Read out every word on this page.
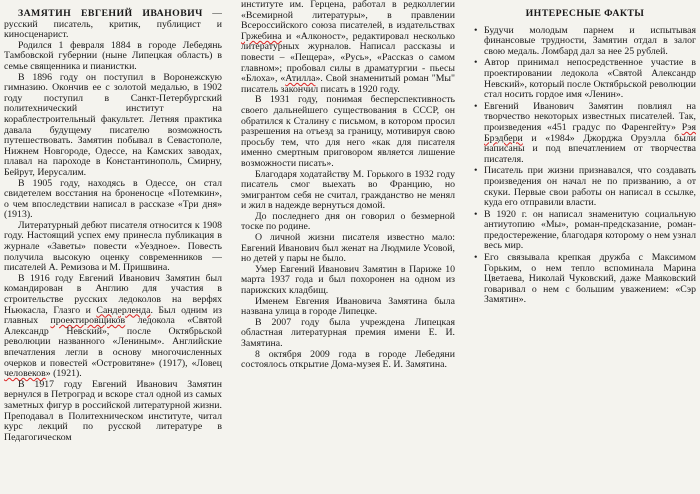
ЗАМЯТИН ЕВГЕНИЙ ИВАНОВИЧ — русский писатель, критик, публицист и киносценарист.

Родился 1 февраля 1884 в городе Лебедянь Тамбовской губернии (ныне Липецкая область) в семье священника и пианистки.

В 1896 году он поступил в Воронежскую гимназию. Окончив ее с золотой медалью, в 1902 году поступил в Санкт-Петербургский политехнический институт на кораблестроительный факультет. Летняя практика давала будущему писателю возможность путешествовать. Замятин побывал в Севастополе, Нижнем Новгороде, Одессе, на Камских заводах, плавал на пароходе в Константинополь, Смирну, Бейрут, Иерусалим.

В 1905 году, находясь в Одессе, он стал свидетелем восстания на броненосце «Потемкин», о чем впоследствии написал в рассказе «Три дня» (1913).

Литературный дебют писателя относится к 1908 году. Настоящий успех ему принесла публикация в журнале «Заветы» повести «Уездное». Повесть получила высокую оценку современников — писателей А. Ремизова и М. Пришвина.

В 1916 году Евгений Иванович Замятин был командирован в Англию для участия в строительстве русских ледоколов на верфях Ньюкасла, Глазго и Сандерленда. Был одним из главных проектировщиков ледокола «Святой Александр Невский», после Октябрьской революции названного «Лениным». Английские впечатления легли в основу многочисленных очерков и повестей «Островитяне» (1917), «Ловец человеков» (1921).

В 1917 году Евгений Иванович Замятин вернулся в Петроград и вскоре стал одной из самых заметных фигур в российской литературной жизни. Преподавал в Политехническом институте, читал курс лекций по русской литературе в Педагогическом

институте им. Герцена, работал в редколлегии «Всемирной литературы», в правлении Всероссийского союза писателей, в издательствах Гржебина и «Алконост», редактировал несколько литературных журналов. Написал рассказы и повести – «Пещера», «Русь», «Рассказ о самом главном»; пробовал силы в драматургии - пьесы «Блоха», «Атилла». Свой знаменитый роман "Мы" писатель закончил писать в 1920 году.

В 1931 году, понимая бесперспективность своего дальнейшего существования в СССР, он обратился к Сталину с письмом, в котором просил разрешения на отъезд за границу, мотивируя свою просьбу тем, что для него «как для писателя именно смертным приговором является лишение возможности писать».

Благодаря ходатайству М. Горького в 1932 году писатель смог выехать во Францию, но эмигрантом себя не считал, гражданство не менял и жил в надежде вернуться домой.

До последнего дня он говорил о безмерной тоске по родине.

О личной жизни писателя известно мало: Евгений Иванович был женат на Людмиле Усовой, но детей у пары не было.

Умер Евгений Иванович Замятин в Париже 10 марта 1937 года и был похоронен на одном из парижских кладбищ.

Именем Евгения Ивановича Замятина была названа улица в городе Липецке.

В 2007 году была учреждена Липецкая областная литературная премия имени Е. И. Замятина.

8 октября 2009 года в городе Лебедяни состоялось открытие Дома-музея Е. И. Замятина.

ИНТЕРЕСНЫЕ ФАКТЫ
• Будучи молодым парнем и испытывая финансовые трудности, Замятин отдал в залог свою медаль. Ломбард дал за нее 25 рублей.
• Автор принимал непосредственное участие в проектировании ледокола «Святой Александр Невский», который после Октябрьской революции стал носить гордое имя «Ленин».
• Евгений Иванович Замятин повлиял на творчество некоторых известных писателей. Так, произведения «451 градус по Фаренгейту» Рэя Брэдбери и «1984» Джорджа Оруэлла были написаны и под впечатлением от творчества писателя.
• Писатель при жизни признавался, что создавать произведения он начал не по призванию, а от скуки. Первые свои работы он написал в ссылке, куда его отправили власти.
• В 1920 г. он написал знаменитую социальную антиутопию «Мы», роман-предсказание, роман-предостережение, благодаря которому о нем узнал весь мир.
• Его связывала крепкая дружба с Максимом Горьким, о нем тепло вспоминала Марина Цветаева, Николай Чуковский, даже Маяковский говаривал о нем с большим уважением: «Сэр Замятин».
